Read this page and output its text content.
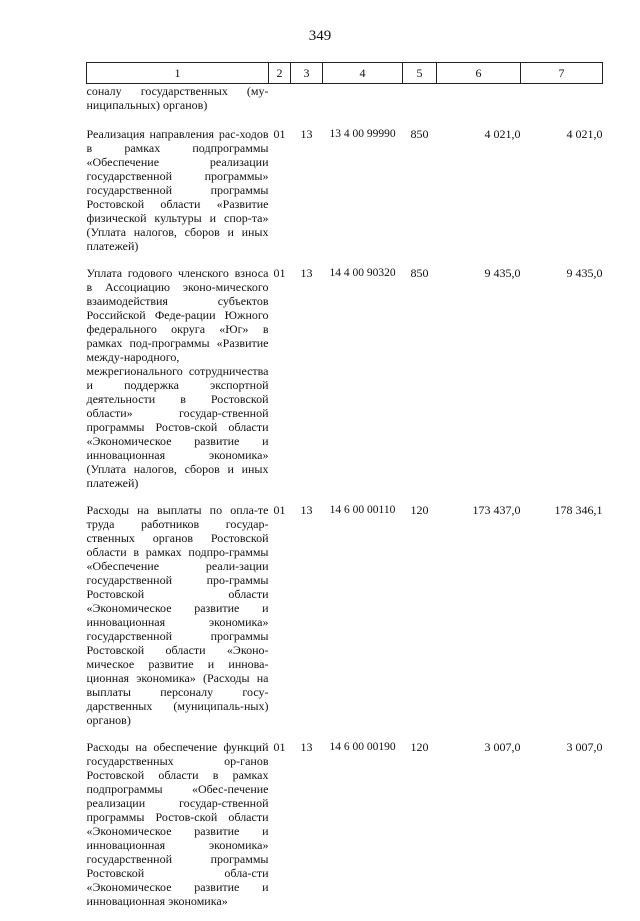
349
1	2	3	4	5	6	7
соналу государственных (му-ниципальных) органов)						
Реализация направления рас-ходов в рамках подпрограммы «Обеспечение реализации государственной программы» государственной программы Ростовской области «Развитие физической культуры и спор-та» (Уплата налогов, сборов и иных платежей)	01	13	13 4 00 99990	850	4 021,0	4 021,0
Уплата годового членского взноса в Ассоциацию эконо-мического взаимодействия субъектов Российской Феде-рации Южного федерального округа «Юг» в рамках под-программы «Развитие между-народного, межрегионального сотрудничества и поддержка экспортной деятельности в Ростовской области» государ-ственной программы Ростов-ской области «Экономическое развитие и инновационная экономика» (Уплата налогов, сборов и иных платежей)	01	13	14 4 00 90320	850	9 435,0	9 435,0
Расходы на выплаты по опла-те труда работников государ-ственных органов Ростовской области в рамках подпро-граммы «Обеспечение реали-зации государственной про-граммы Ростовской области «Экономическое развитие и инновационная экономика» государственной программы Ростовской области «Эконо-мическое развитие и иннова-ционная экономика» (Расходы на выплаты персоналу госу-дарственных (муниципаль-ных) органов)	01	13	14 6 00 00110	120	173 437,0	178 346,1
Расходы на обеспечение функций государственных ор-ганов Ростовской области в рамках подпрограммы «Обес-печение реализации государ-ственной программы Ростов-ской области «Экономическое развитие и инновационная экономика» государственной программы Ростовской обла-сти «Экономическое развитие и инновационная экономика»	01	13	14 6 00 00190	120	3 007,0	3 007,0
